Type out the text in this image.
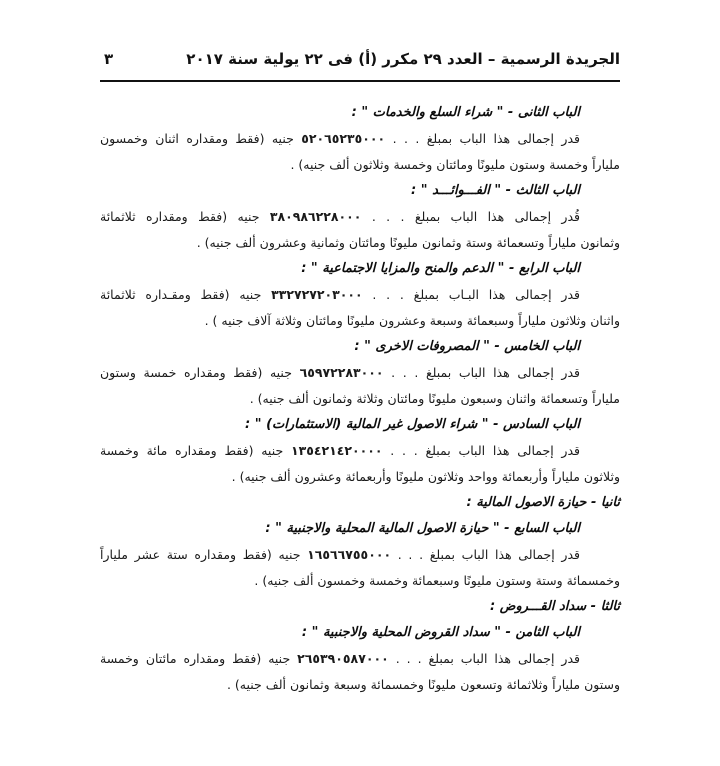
الجريدة الرسمية – العدد ٢٩ مكرر (أ) فى ٢٢ يولية سنة ٢٠١٧
٣
الباب الثانى - " شراء السلع والخدمات " :
قدر إجمالى هذا الباب بمبلغ . . . ٥٢٠٦٥٢٣٥٠٠٠ جنيه (فقط ومقداره اثنان وخمسون
ملياراً وخمسة وستون مليونًا ومائتان وخمسة وثلاثون ألف جنيه) .
الباب الثالث - " الفـــوائـــد " :
قُدر إجمالى هذا الباب بمبلغ . . . ٣٨٠٩٨٦٢٢٨٠٠٠ جنيه (فقط ومقداره ثلاثمائة
وثمانون ملياراً وتسعمائة وستة وثمانون مليونًا ومائتان وثمانية وعشرون ألف جنيه) .
الباب الرابع - " الدعم والمنح والمزايا الاجتماعية " :
قدر إجمالى هذا البـاب بمبلغ . . . ٣٣٢٧٢٧٢٠٣٠٠٠ جنيه (فقط ومقـداره ثلاثمائة
واثنان وثلاثون ملياراً وسبعمائة وسبعة وعشرون مليونًا ومائتان وثلاثة آلاف جنيه ) .
الباب الخامس - " المصروفات الاخرى " :
قدر إجمالى هذا الباب بمبلغ . . . ٦٥٩٧٢٢٨٣٠٠٠ جنيه (فقط ومقداره خمسة وستون
ملياراً وتسعمائة واثنان وسبعون مليونًا ومائتان وثلاثة وثمانون ألف جنيه) .
الباب السادس - " شراء الاصول غير المالية (الاستثمارات) " :
قدر إجمالى هذا الباب بمبلغ . . . ١٣٥٤٢١٤٢٠٠٠٠ جنيه (فقط ومقداره مائة وخمسة
وثلاثون ملياراً وأربعمائة وواحد وثلاثون مليونًا وأربعمائة وعشرون ألف جنيه) .
ثانيا - حيازة الاصول المالية :
الباب السابع - " حيازة الاصول المالية المحلية والاجنبية " :
قدر إجمالى هذا الباب بمبلغ . . . ١٦٥٦٦٧٥٥٠٠٠ جنيه (فقط ومقداره ستة عشر ملياراً
وخمسمائة وستة وستون مليونًا وسبعمائة وخمسة وخمسون ألف جنيه) .
ثالثا - سداد القـــروض :
الباب الثامن - " سداد القروض المحلية والاجنبية " :
قدر إجمالى هذا الباب بمبلغ . . . ٢٦٥٣٩٠٥٨٧٠٠٠ جنيه (فقط ومقداره مائتان وخمسة
وستون ملياراً وثلاثمائة وتسعون مليونًا وخمسمائة وسبعة وثمانون ألف جنيه) .
